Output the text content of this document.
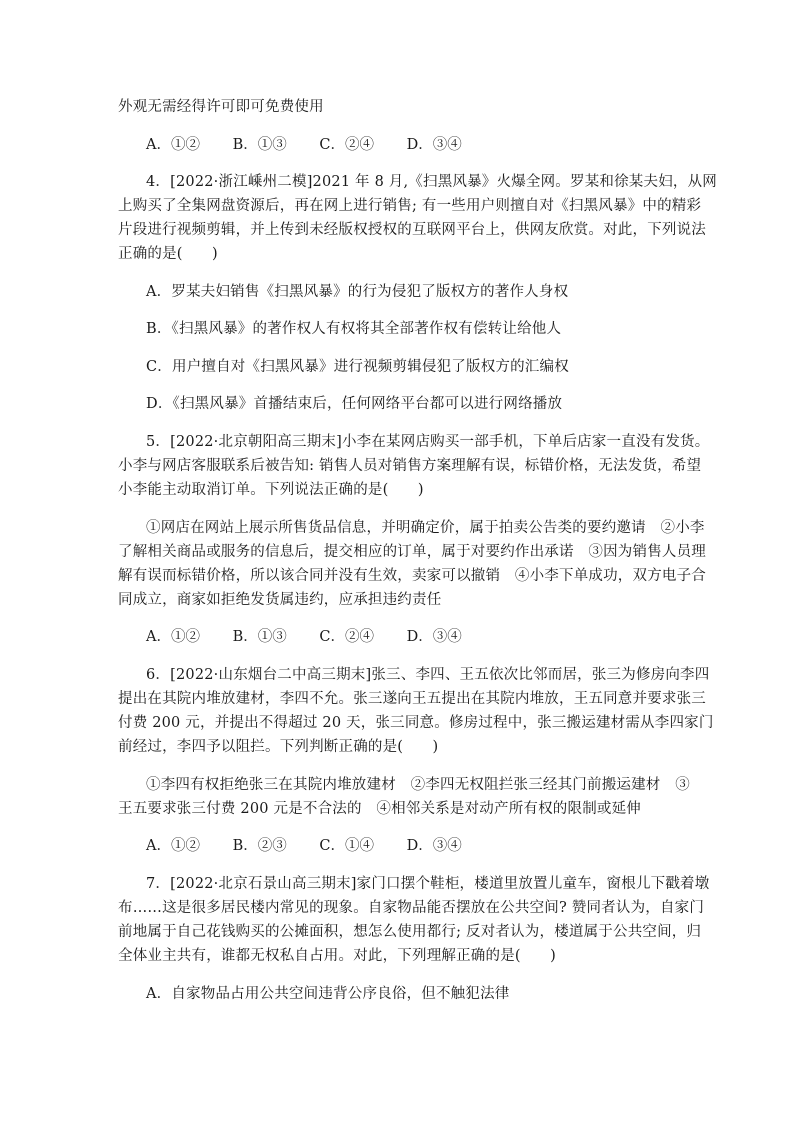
外观无需经得许可即可免费使用
A．①② B．①③ C．②④ D．③④
4．[2022·浙江嵊州二模]2021 年 8 月,《扫黑风暴》火爆全网。罗某和徐某夫妇，从网
上购买了全集网盘资源后，再在网上进行销售; 有一些用户则擅自对《扫黑风暴》中的精彩
片段进行视频剪辑，并上传到未经版权授权的互联网平台上，供网友欣赏。对此，下列说法
正确的是(　　)
A．罗某夫妇销售《扫黑风暴》的行为侵犯了版权方的著作人身权
B．《扫黑风暴》的著作权人有权将其全部著作权有偿转让给他人
C．用户擅自对《扫黑风暴》进行视频剪辑侵犯了版权方的汇编权
D．《扫黑风暴》首播结束后，任何网络平台都可以进行网络播放
5．[2022·北京朝阳高三期末]小李在某网店购买一部手机，下单后店家一直没有发货。
小李与网店客服联系后被告知: 销售人员对销售方案理解有误，标错价格，无法发货，希望
小李能主动取消订单。下列说法正确的是(　　)
①网店在网站上展示所售货品信息，并明确定价，属于拍卖公告类的要约邀请　②小李
了解相关商品或服务的信息后，提交相应的订单，属于对要约作出承诺　③因为销售人员理
解有误而标错价格，所以该合同并没有生效，卖家可以撤销　④小李下单成功，双方电子合
同成立，商家如拒绝发货属违约，应承担违约责任
A．①② B．①③ C．②④ D．③④
6．[2022·山东烟台二中高三期末]张三、李四、王五依次比邻而居，张三为修房向李四
提出在其院内堆放建材，李四不允。张三遂向王五提出在其院内堆放，王五同意并要求张三
付费 200 元，并提出不得超过 20 天，张三同意。修房过程中，张三搬运建材需从李四家门
前经过，李四予以阻拦。下列判断正确的是(　　)
①李四有权拒绝张三在其院内堆放建材　②李四无权阻拦张三经其门前搬运建材　③
王五要求张三付费 200 元是不合法的　④相邻关系是对动产所有权的限制或延伸
A．①② B．②③ C．①④ D．③④
7．[2022·北京石景山高三期末]家门口摆个鞋柜，楼道里放置儿童车，窗根儿下戳着墩
布……这是很多居民楼内常见的现象。自家物品能否摆放在公共空间? 赞同者认为，自家门
前地属于自己花钱购买的公摊面积，想怎么使用都行; 反对者认为，楼道属于公共空间，归
全体业主共有，谁都无权私自占用。对此，下列理解正确的是(　　)
A．自家物品占用公共空间违背公序良俗，但不触犯法律
